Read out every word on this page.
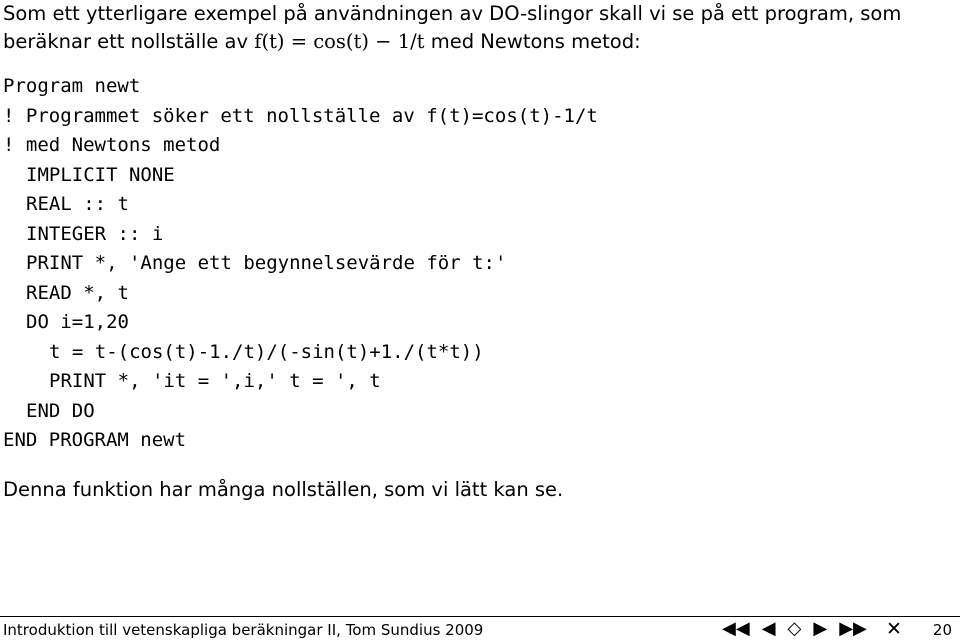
Som ett ytterligare exempel på användningen av DO-slingor skall vi se på ett program, som beräknar ett nollställe av f(t) = cos(t) − 1/t med Newtons metod:
Program newt
! Programmet söker ett nollställe av f(t)=cos(t)-1/t
! med Newtons metod
IMPLICIT NONE
REAL :: t
INTEGER :: i
PRINT *, 'Ange ett begynnelsevärde för t:'
READ *, t
DO i=1,20
t = t-(cos(t)-1./t)/(-sin(t)+1./(t*t))
PRINT *, 'it = ',i,' t = ', t
END DO
END PROGRAM newt
Denna funktion har många nollställen, som vi lätt kan se.
Introduktion till vetenskapliga beräkningar II, Tom Sundius 2009	◀◀ ◀ ◇ ▶ ▶▶ ✕ 20
